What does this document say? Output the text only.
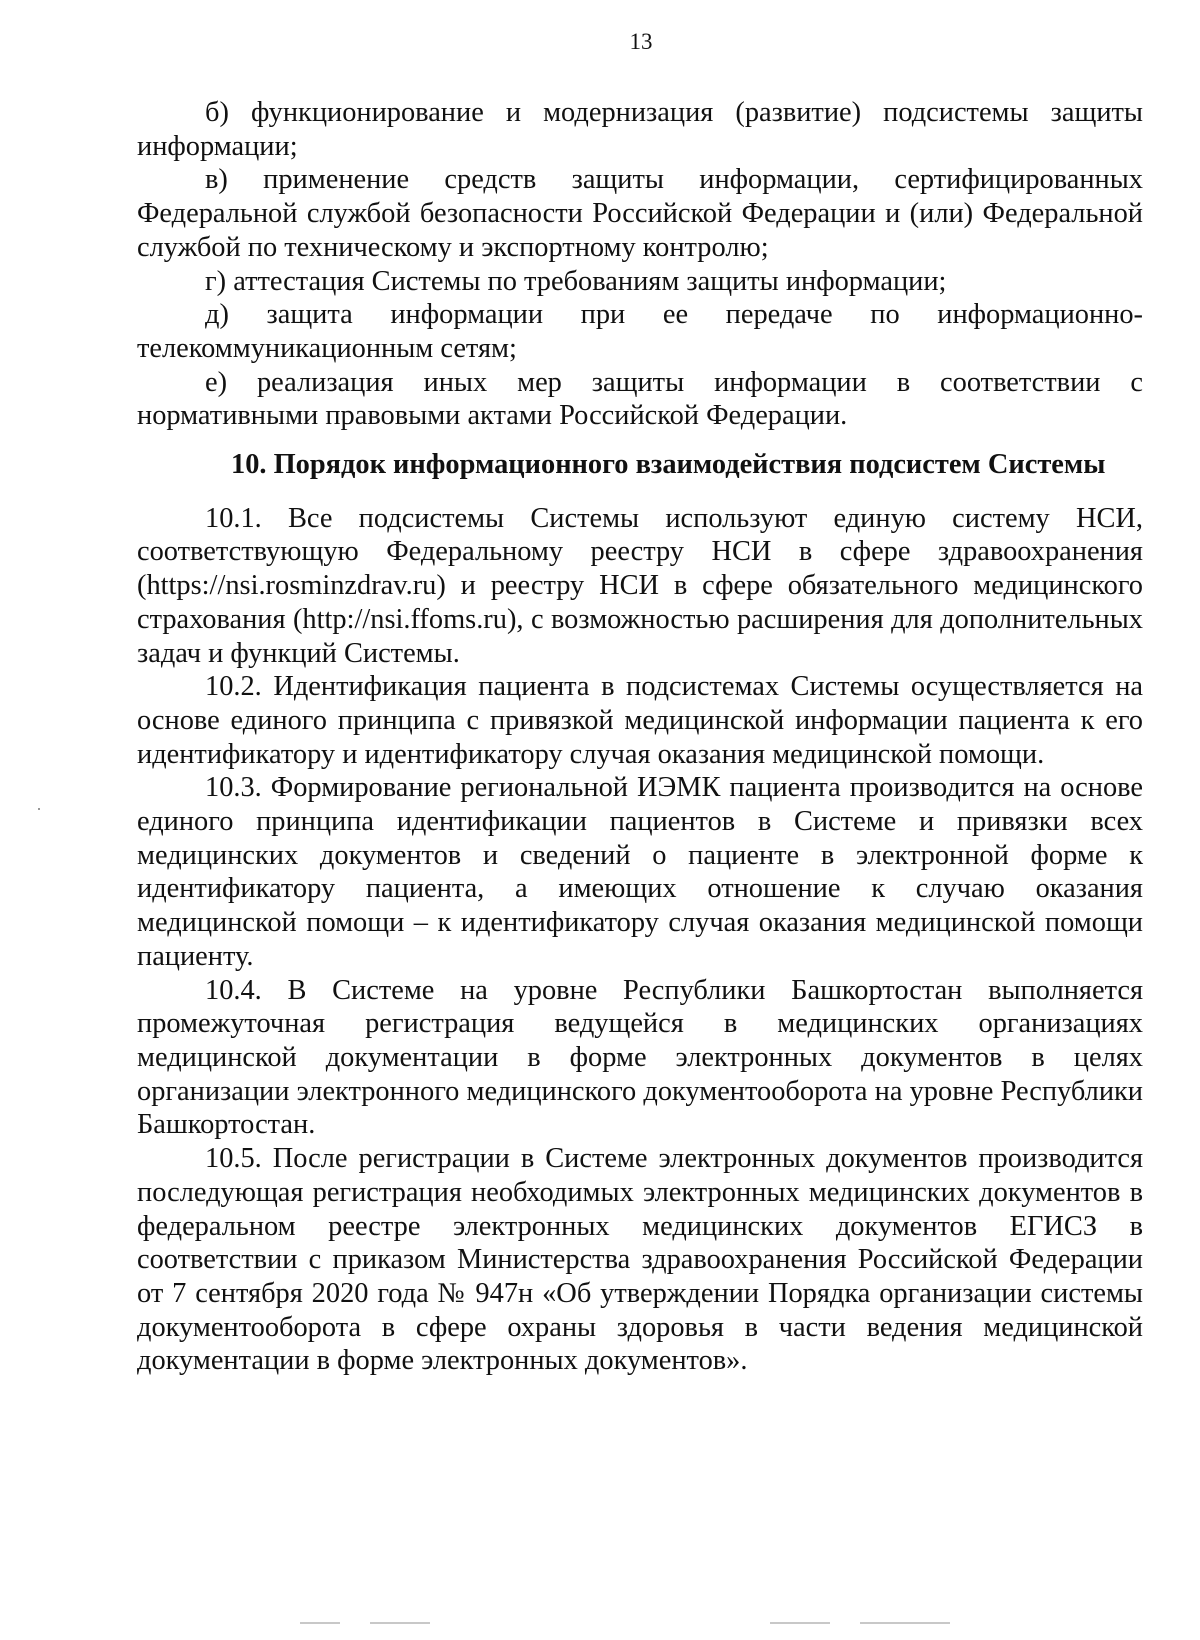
13

б) функционирование и модернизация (развитие) подсистемы защиты информации;

в) применение средств защиты информации, сертифицированных Федеральной службой безопасности Российской Федерации и (или) Федеральной службой по техническому и экспортному контролю;

г) аттестация Системы по требованиям защиты информации;

д) защита информации при ее передаче по информационно-телекоммуникационным сетям;

е) реализация иных мер защиты информации в соответствии с нормативными правовыми актами Российской Федерации.

10. Порядок информационного взаимодействия подсистем Системы

10.1. Все подсистемы Системы используют единую систему НСИ, соответствующую Федеральному реестру НСИ в сфере здравоохранения (https://nsi.rosminzdrav.ru) и реестру НСИ в сфере обязательного медицинского страхования (http://nsi.ffoms.ru), с возможностью расширения для дополнительных задач и функций Системы.

10.2. Идентификация пациента в подсистемах Системы осуществляется на основе единого принципа с привязкой медицинской информации пациента к его идентификатору и идентификатору случая оказания медицинской помощи.

10.3. Формирование региональной ИЭМК пациента производится на основе единого принципа идентификации пациентов в Системе и привязки всех медицинских документов и сведений о пациенте в электронной форме к идентификатору пациента, а имеющих отношение к случаю оказания медицинской помощи – к идентификатору случая оказания медицинской помощи пациенту.

10.4. В Системе на уровне Республики Башкортостан выполняется промежуточная регистрация ведущейся в медицинских организациях медицинской документации в форме электронных документов в целях организации электронного медицинского документооборота на уровне Республики Башкортостан.

10.5. После регистрации в Системе электронных документов производится последующая регистрация необходимых электронных медицинских документов в федеральном реестре электронных медицинских документов ЕГИСЗ в соответствии с приказом Министерства здравоохранения Российской Федерации от 7 сентября 2020 года № 947н «Об утверждении Порядка организации системы документооборота в сфере охраны здоровья в части ведения медицинской документации в форме электронных документов».
